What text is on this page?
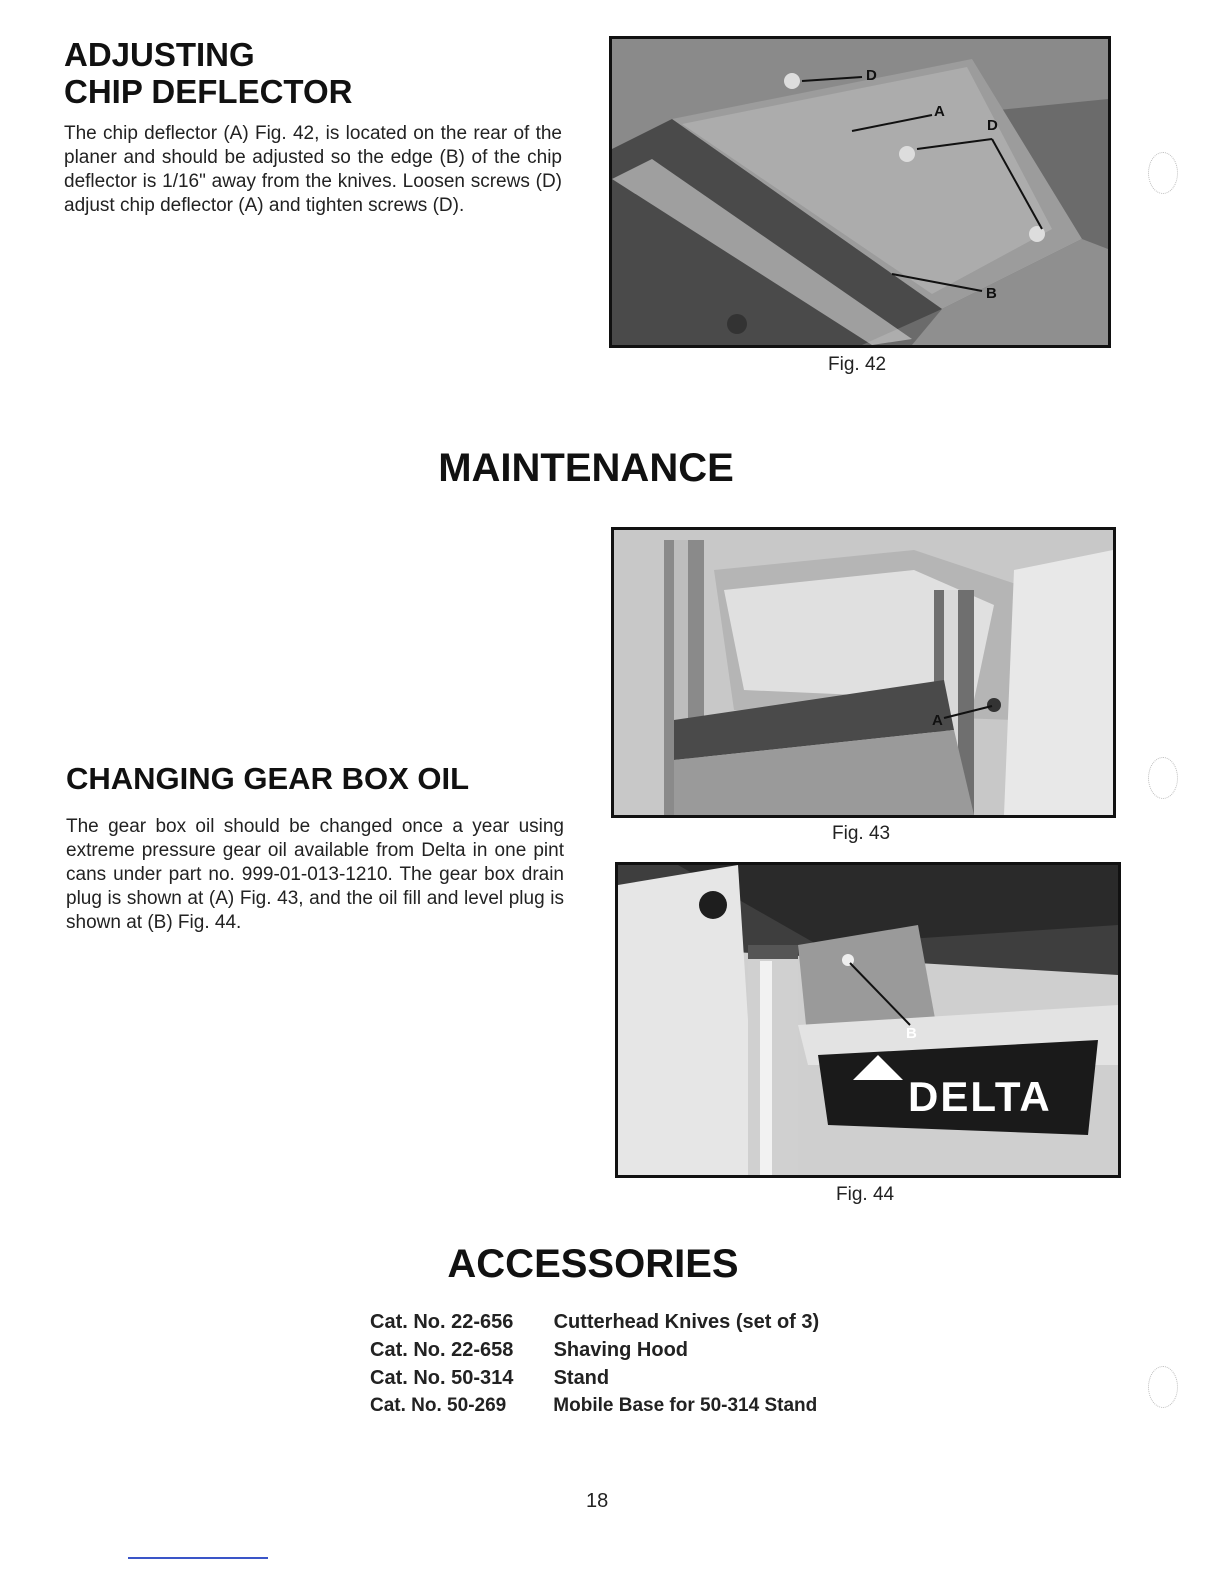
ADJUSTING
CHIP DEFLECTOR

The chip deflector (A) Fig. 42, is located on the rear of the planer and should be adjusted so the edge (B) of the chip deflector is 1/16" away from the knives. Loosen screws (D) adjust chip deflector (A) and tighten screws (D).

D
A
D
B
Fig. 42
MAINTENANCE
A
Fig. 43
CHANGING GEAR BOX OIL

The gear box oil should be changed once a year using extreme pressure gear oil available from Delta in one pint cans under part no. 999-01-013-1210. The gear box drain plug is shown at (A) Fig. 43, and the oil fill and level plug is shown at (B) Fig. 44.

B
DELTA
Fig. 44
ACCESSORIES
Cat. No. 22-656 Cutterhead Knives (set of 3)
Cat. No. 22-658 Shaving Hood
Cat. No. 50-314 Stand
Cat. No. 50-269 Mobile Base for 50-314 Stand
18
